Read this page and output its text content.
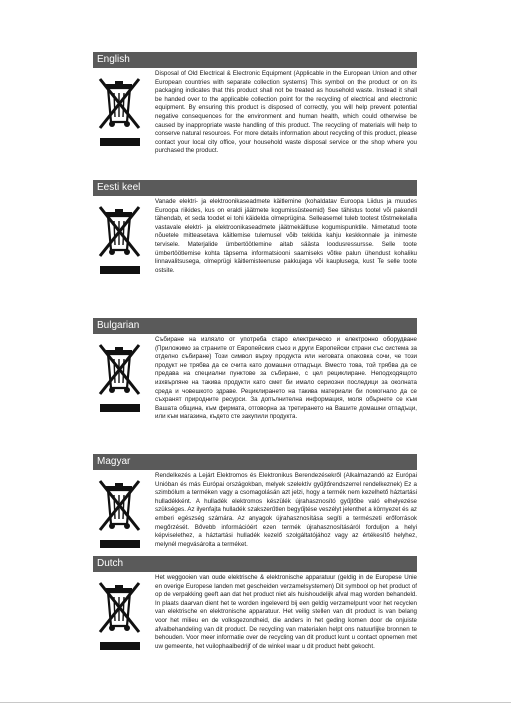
English
Disposal of Old Electrical & Electronic Equipment (Applicable in the European Union and other European countries with separate collection systems) This symbol on the product or on its packaging indicates that this product shall not be treated as household waste. Instead it shall be handed over to the applicable collection point for the recycling of electrical and electronic equipment. By ensuring this product is disposed of correctly, you will help prevent potential negative consequences for the environment and human health, which could otherwise be caused by inappropriate waste handling of this product. The recycling of materials will help to conserve natural resources. For more details information about recycling of this product, please contact your local city office, your household waste disposal service or the shop where you purchased the product.
Eesti keel
Vanade elektri- ja elektroonikaseadmete käitlemine (kohaldatav Euroopa Liidus ja muudes Euroopa riikides, kus on eraldi jäätmete kogumissüsteemid) See tähistus tootel või pakendil tähendab, et seda toodet ei tohi käidelda olmeprügina. Selleasemel tuleb tootest tõstmekelalla vastavale elektri- ja elektroonikaseadmete jäätmekäitluse kogumispunktile. Nimetatud toote nõuetele mitteasetava käitlemise tulemusel võib tekkida kahju keskkonnale ja inimeste tervisele. Materjalide ümbertöötlemine aitab säästa loodusressursse. Selle toote ümbertöötlemise kohta täpsema informatsiooni saamiseks võtke palun ühendust kohaliku linnavalitsusega, olmeprügi käitlemisteenuse pakkujaga või kauplusega, kust Te selle toote ostsite.
Bulgarian
Събиране на излязло от употреба старо електрическо и електронно оборудване (Приложимо за страните от Европейския съюз и други Европейски страни със система за отделно събиране) Този символ върху продукта или неговата опаковка сочи, че този продукт не трябва да се счита като домашни отпадъци. Вместо това, той трябва да се предава на специални пунктове за събиране, с цел рециклиране. Неподходящото изхвърляне на такива продукти като смет би имало сериозни последици за околната среда и човешкото здраве. Рециклирането на такива материали би помогнало да се съхранят природните ресурси. За допълнителна информация, моля обърнете се към Вашата община, към фирмата, отговорна за третирането на Вашите домашни отпадъци, или към магазина, където сте закупили продукта.
Magyar
Rendelkezés a Lejárt Elektromos és Elektronikus Berendezésekről (Alkalmazandó az Európai Unióban és más Európai országokban, melyek szelektív gyűjtőrendszerrel rendelkeznek) Ez a szimbólum a terméken vagy a csomagolásán azt jelzi, hogy a termék nem kezelhető háztartási hulladékként. A hulladék elektromos készülék újrahasznosító gyűjtőbe való elhelyezése szükséges. Az ilyenfajta hulladék szakszerűtlen begyűjtése veszélyt jelenthet a környezet és az emberi egészség számára. Az anyagok újrahasznosítása segíti a természeti erőforrások megőrzését. Bővebb információért ezen termék újrahasznosításáról forduljon a helyi képviselethez, a háztartási hulladék kezelő szolgáltatójához vagy az értékesítő helyhez, melynél megvásárolta a terméket.
Dutch
Het weggooien van oude elektrische & elektronische apparatuur (geldig in de Europese Unie en overige Europese landen met gescheiden verzamelsystemen) Dit symbool op het product of op de verpakking geeft aan dat het product niet als huishoudelijk afval mag worden behandeld. In plaats daarvan dient het te worden ingeleverd bij een geldig verzamelpunt voor het recyclen van elektrische en elektronische apparatuur. Het veilig stellen van dit product is van belang voor het milieu en de volksgezondheid, die anders in het geding komen door de onjuiste afvalbehandeling van dit product. De recycling van materialen helpt ons natuurlijke bronnen te behouden. Voor meer informatie over de recycling van dit product kunt u contact opnemen met uw gemeente, het vuilophaalbedrijf of de winkel waar u dit product hebt gekocht.
